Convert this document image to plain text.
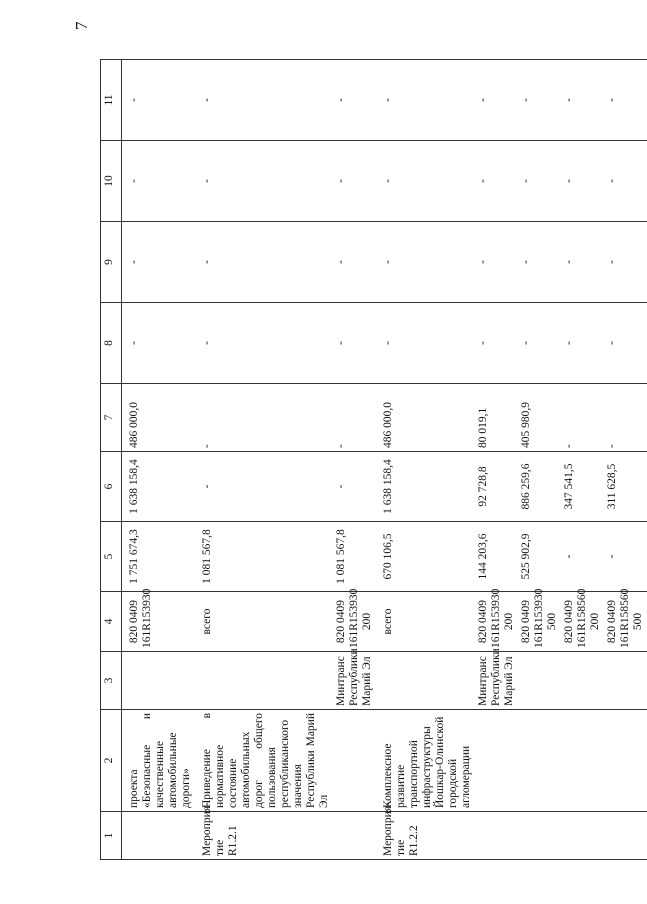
7
1	2	3	4	5	6	7	8	9	10	11
	проекта «Безопасные и качественные автомобильные дороги»		820 0409 161R153930	1 751 674,3	1 638 158,4	486 000,0	-	-	-	-
Мероприя-тие R1.2.1	Приведение в нормативное состояние автомобильных дорог общего пользования республиканского значения Республики Марий Эл		всего	1 081 567,8	-	-	-	-	-	-
		Минтранс Республики Марий Эл	820 0409 161R153930 200	1 081 567,8	-	-	-	-	-	-
Мероприя-тие R1.2.2	Комплексное развитие транспортной инфраструктуры Йошкар-Олинской городской агломерации		всего	670 106,5	1 638 158,4	486 000,0	-	-	-	-
		Минтранс Республики Марий Эл	820 0409 161R153930 200	144 203,6	92 728,8	80 019,1	-	-	-	-

			820 0409 161R153930 500	525 902,9	886 259,6	405 980,9	-	-	-	-

			820 0409 161R158560 200	-	347 541,5	-	-	-	-	-

			820 0409 161R158560 500	-	311 628,5	-	-	-	-	-
